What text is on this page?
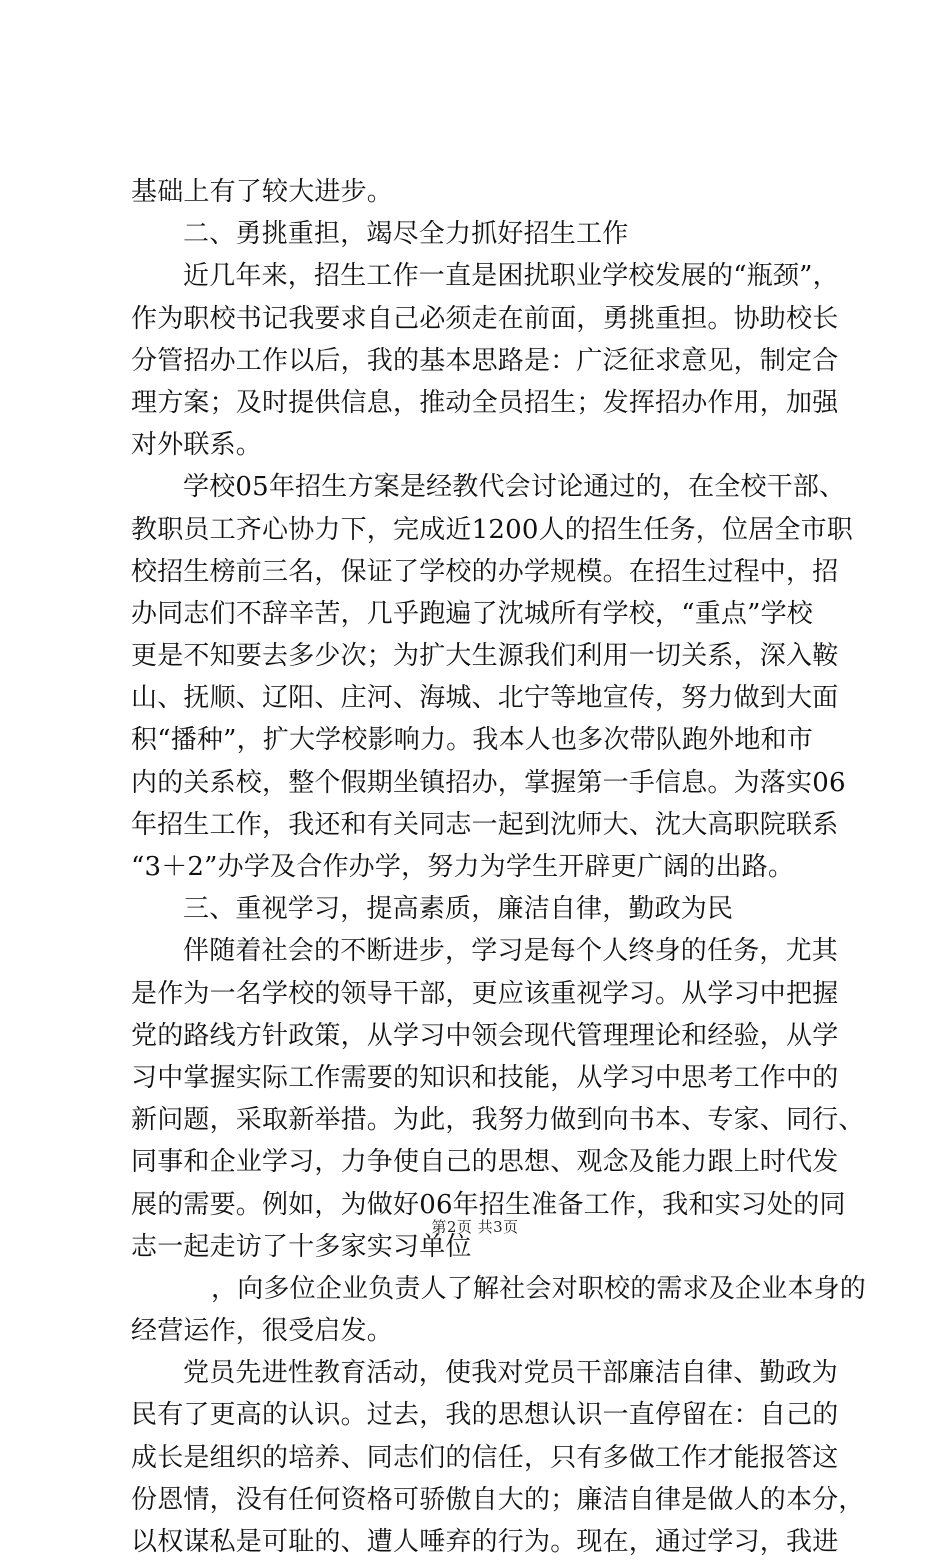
基础上有了较大进步。
二、勇挑重担，竭尽全力抓好招生工作
近几年来，招生工作一直是困扰职业学校发展的“瓶颈”，
作为职校书记我要求自己必须走在前面，勇挑重担。协助校长
分管招办工作以后，我的基本思路是：广泛征求意见，制定合
理方案；及时提供信息，推动全员招生；发挥招办作用，加强
对外联系。
学校05年招生方案是经教代会讨论通过的，在全校干部、
教职员工齐心协力下，完成近1200人的招生任务，位居全市职
校招生榜前三名，保证了学校的办学规模。在招生过程中，招
办同志们不辞辛苦，几乎跑遍了沈城所有学校，“重点”学校
更是不知要去多少次；为扩大生源我们利用一切关系，深入鞍
山、抚顺、辽阳、庄河、海城、北宁等地宣传，努力做到大面
积“播种”，扩大学校影响力。我本人也多次带队跑外地和市
内的关系校，整个假期坐镇招办，掌握第一手信息。为落实06
年招生工作，我还和有关同志一起到沈师大、沈大高职院联系
“3＋2”办学及合作办学，努力为学生开辟更广阔的出路。
三、重视学习，提高素质，廉洁自律，勤政为民
伴随着社会的不断进步，学习是每个人终身的任务，尤其
是作为一名学校的领导干部，更应该重视学习。从学习中把握
党的路线方针政策，从学习中领会现代管理理论和经验，从学
习中掌握实际工作需要的知识和技能，从学习中思考工作中的
新问题，采取新举措。为此，我努力做到向书本、专家、同行、
同事和企业学习，力争使自己的思想、观念及能力跟上时代发
展的需要。例如，为做好06年招生准备工作，我和实习处的同
志一起走访了十多家实习单位
，向多位企业负责人了解社会对职校的需求及企业本身的
经营运作，很受启发。
党员先进性教育活动，使我对党员干部廉洁自律、勤政为
民有了更高的认识。过去，我的思想认识一直停留在：自己的
成长是组织的培养、同志们的信任，只有多做工作才能报答这
份恩情，没有任何资格可骄傲自大的；廉洁自律是做人的本分，
以权谋私是可耻的、遭人唾弃的行为。现在，通过学习，我进
第2页 共3页
